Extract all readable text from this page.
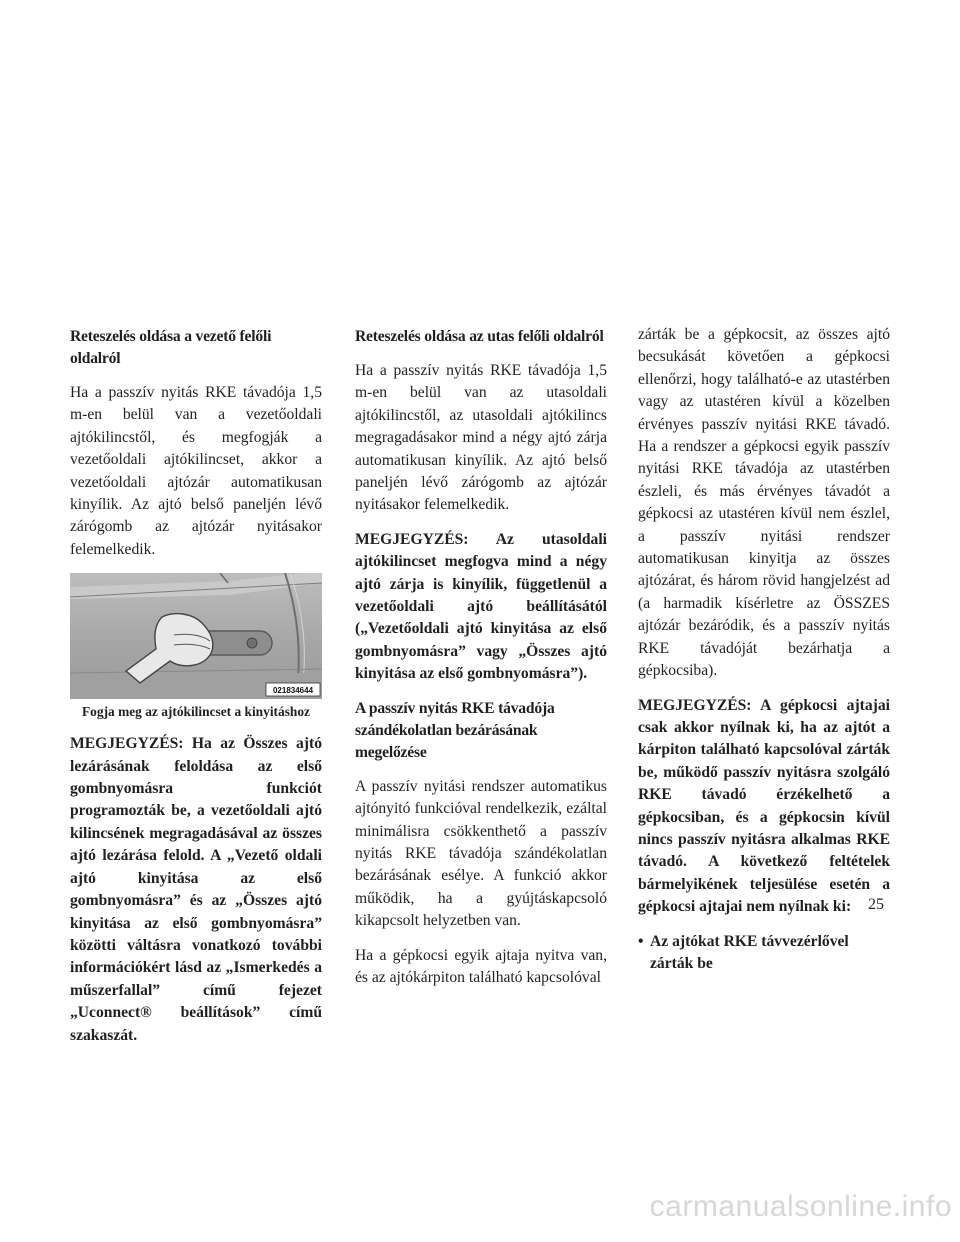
Reteszelés oldása a vezető felőli oldalról

Ha a passzív nyitás RKE távadója 1,5 m-en belül van a vezetőoldali ajtókilincstől, és megfogják a vezetőoldali ajtókilincset, akkor a vezetőoldali ajtózár automatikusan kinyílik. Az ajtó belső paneljén lévő zárógomb az ajtózár nyitásakor felemelkedik.

021834644
Fogja meg az ajtókilincset a kinyitáshoz

MEGJEGYZÉS: Ha az Összes ajtó lezárásának feloldása az első gombnyomásra funkciót programozták be, a vezetőoldali ajtó kilincsének megragadásával az összes ajtó lezárása felold. A „Vezető oldali ajtó kinyitása az első gombnyomásra” és az „Összes ajtó kinyitása az első gombnyomásra” közötti váltásra vonatkozó további információkért lásd az „Ismerkedés a műszerfallal” című fejezet „Uconnect® beállítások” című szakaszát.

Reteszelés oldása az utas felőli oldalról

Ha a passzív nyitás RKE távadója 1,5 m-en belül van az utasoldali ajtókilincstől, az utasoldali ajtókilincs megragadásakor mind a négy ajtó zárja automatikusan kinyílik. Az ajtó belső paneljén lévő zárógomb az ajtózár nyitásakor felemelkedik.

MEGJEGYZÉS: Az utasoldali ajtókilincset megfogva mind a négy ajtó zárja is kinyílik, függetlenül a vezetőoldali ajtó beállításától („Vezetőoldali ajtó kinyitása az első gombnyomásra” vagy „Összes ajtó kinyitása az első gombnyomásra”).

A passzív nyitás RKE távadója szándékolatlan bezárásának megelőzése

A passzív nyitási rendszer automatikus ajtónyitó funkcióval rendelkezik, ezáltal minimálisra csökkenthető a passzív nyitás RKE távadója szándékolatlan bezárásának esélye. A funkció akkor működik, ha a gyújtáskapcsoló kikapcsolt helyzetben van.

Ha a gépkocsi egyik ajtaja nyitva van, és az ajtókárpiton található kapcsolóval

zárták be a gépkocsit, az összes ajtó becsukását követően a gépkocsi ellenőrzi, hogy található-e az utastérben vagy az utastéren kívül a közelben érvényes passzív nyitási RKE távadó. Ha a rendszer a gépkocsi egyik passzív nyitási RKE távadója az utastérben észleli, és más érvényes távadót a gépkocsi az utastéren kívül nem észlel, a passzív nyitási rendszer automatikusan kinyitja az összes ajtózárat, és három rövid hangjelzést ad (a harmadik kísérletre az ÖSSZES ajtózár bezáródik, és a passzív nyitás RKE távadóját bezárhatja a gépkocsiba).

MEGJEGYZÉS: A gépkocsi ajtajai csak akkor nyílnak ki, ha az ajtót a kárpiton található kapcsolóval zárták be, működő passzív nyitásra szolgáló RKE távadó érzékelhető a gépkocsiban, és a gépkocsin kívül nincs passzív nyitásra alkalmas RKE távadó. A következő feltételek bármelyikének teljesülése esetén a gépkocsi ajtajai nem nyílnak ki:

• Az ajtókat RKE távvezérlővel zárták be
25
carmanualsonline.info
